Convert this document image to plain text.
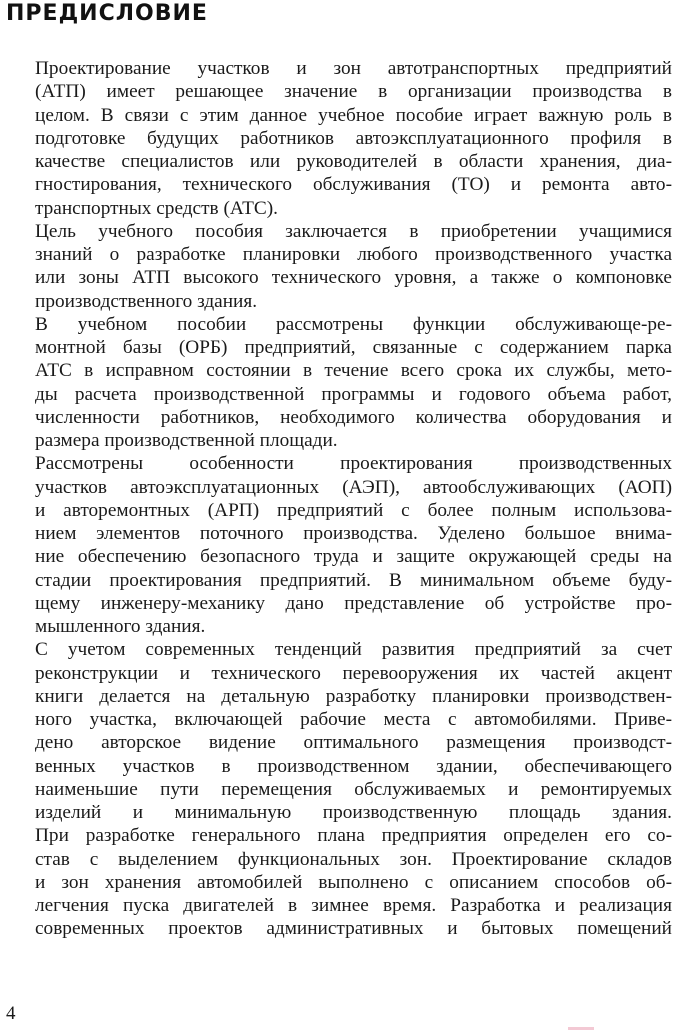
ПРЕДИСЛОВИЕ

Проектирование участков и зон автотранспортных предприятий
(АТП) имеет решающее значение в организации производства в
целом. В связи с этим данное учебное пособие играет важную роль в
подготовке будущих работников автоэксплуатационного профиля в
качестве специалистов или руководителей в области хранения, диа-
гностирования, технического обслуживания (ТО) и ремонта авто-
транспортных средств (АТС).

Цель учебного пособия заключается в приобретении учащимися
знаний о разработке планировки любого производственного участка
или зоны АТП высокого технического уровня, а также о компоновке
производственного здания.

В учебном пособии рассмотрены функции обслуживающе-ре-
монтной базы (ОРБ) предприятий, связанные с содержанием парка
АТС в исправном состоянии в течение всего срока их службы, мето-
ды расчета производственной программы и годового объема работ,
численности работников, необходимого количества оборудования и
размера производственной площади.

Рассмотрены особенности проектирования производственных
участков автоэксплуатационных (АЭП), автообслуживающих (АОП)
и авторемонтных (АРП) предприятий с более полным использова-
нием элементов поточного производства. Уделено большое внима-
ние обеспечению безопасного труда и защите окружающей среды на
стадии проектирования предприятий. В минимальном объеме буду-
щему инженеру-механику дано представление об устройстве про-
мышленного здания.

С учетом современных тенденций развития предприятий за счет
реконструкции и технического перевооружения их частей акцент
книги делается на детальную разработку планировки производствен-
ного участка, включающей рабочие места с автомобилями. Приве-
дено авторское видение оптимального размещения производст-
венных участков в производственном здании, обеспечивающего
наименьшие пути перемещения обслуживаемых и ремонтируемых
изделий и минимальную производственную площадь здания.
При разработке генерального плана предприятия определен его со-
став с выделением функциональных зон. Проектирование складов
и зон хранения автомобилей выполнено с описанием способов об-
легчения пуска двигателей в зимнее время. Разработка и реализация
современных проектов административных и бытовых помещений

4
